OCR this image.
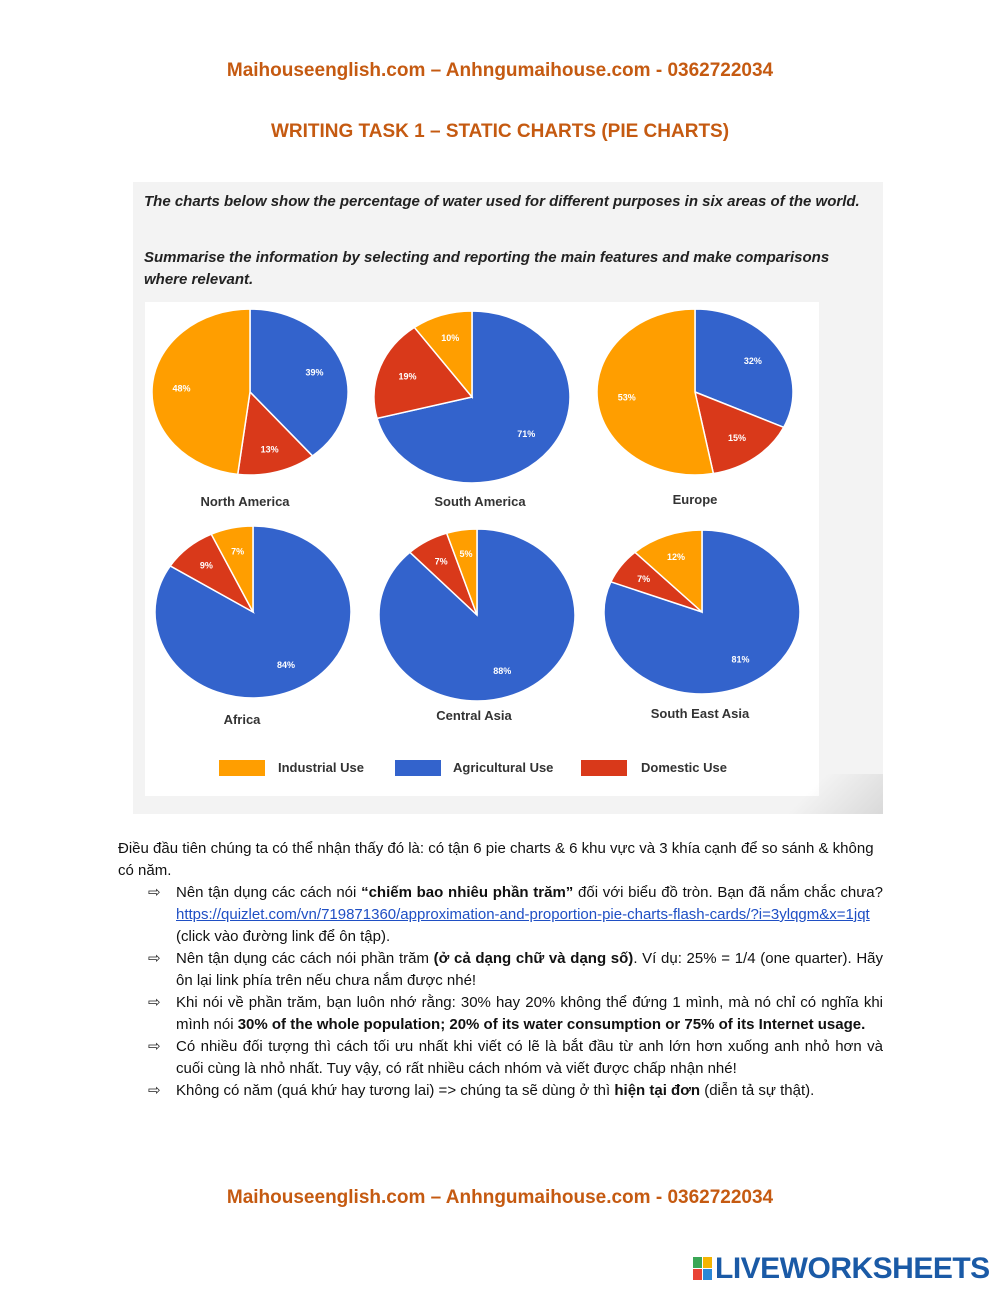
Maihouseenglish.com – Anhngumaihouse.com - 0362722034
WRITING TASK 1 – STATIC CHARTS (PIE CHARTS)
The charts below show the percentage of water used for different purposes in six areas of the world.
Summarise the information by selecting and reporting the main features and make comparisons where relevant.
39%
13%
48%
North America
71%
19%
10%
South America
32%
15%
53%
Europe
84%
9%
7%
Africa
88%
7%
5%
Central Asia
81%
7%
12%
South East Asia
Industrial Use	Agricultural Use	Domestic Use

Điều đầu tiên chúng ta có thể nhận thấy đó là: có tận 6 pie charts & 6 khu vực và 3 khía cạnh để so sánh & không có năm.

⇨ Nên tận dụng các cách nói “chiếm bao nhiêu phần trăm” đối với biểu đồ tròn. Bạn đã nắm chắc chưa? https://quizlet.com/vn/719871360/approximation-and-proportion-pie-charts-flash-cards/?i=3ylqgm&x=1jqt (click vào đường link để ôn tập).
⇨ Nên tận dụng các cách nói phần trăm (ở cả dạng chữ và dạng số). Ví dụ: 25% = 1/4 (one quarter). Hãy ôn lại link phía trên nếu chưa nắm được nhé!
⇨ Khi nói về phần trăm, bạn luôn nhớ rằng: 30% hay 20% không thể đứng 1 mình, mà nó chỉ có nghĩa khi mình nói 30% of the whole population; 20% of its water consumption or 75% of its Internet usage.
⇨ Có nhiều đối tượng thì cách tối ưu nhất khi viết có lẽ là bắt đầu từ anh lớn hơn xuống anh nhỏ hơn và cuối cùng là nhỏ nhất. Tuy vậy, có rất nhiều cách nhóm và viết được chấp nhận nhé!
⇨ Không có năm (quá khứ hay tương lai) => chúng ta sẽ dùng ở thì hiện tại đơn (diễn tả sự thật).
Maihouseenglish.com – Anhngumaihouse.com - 0362722034
LIVEWORKSHEETS
